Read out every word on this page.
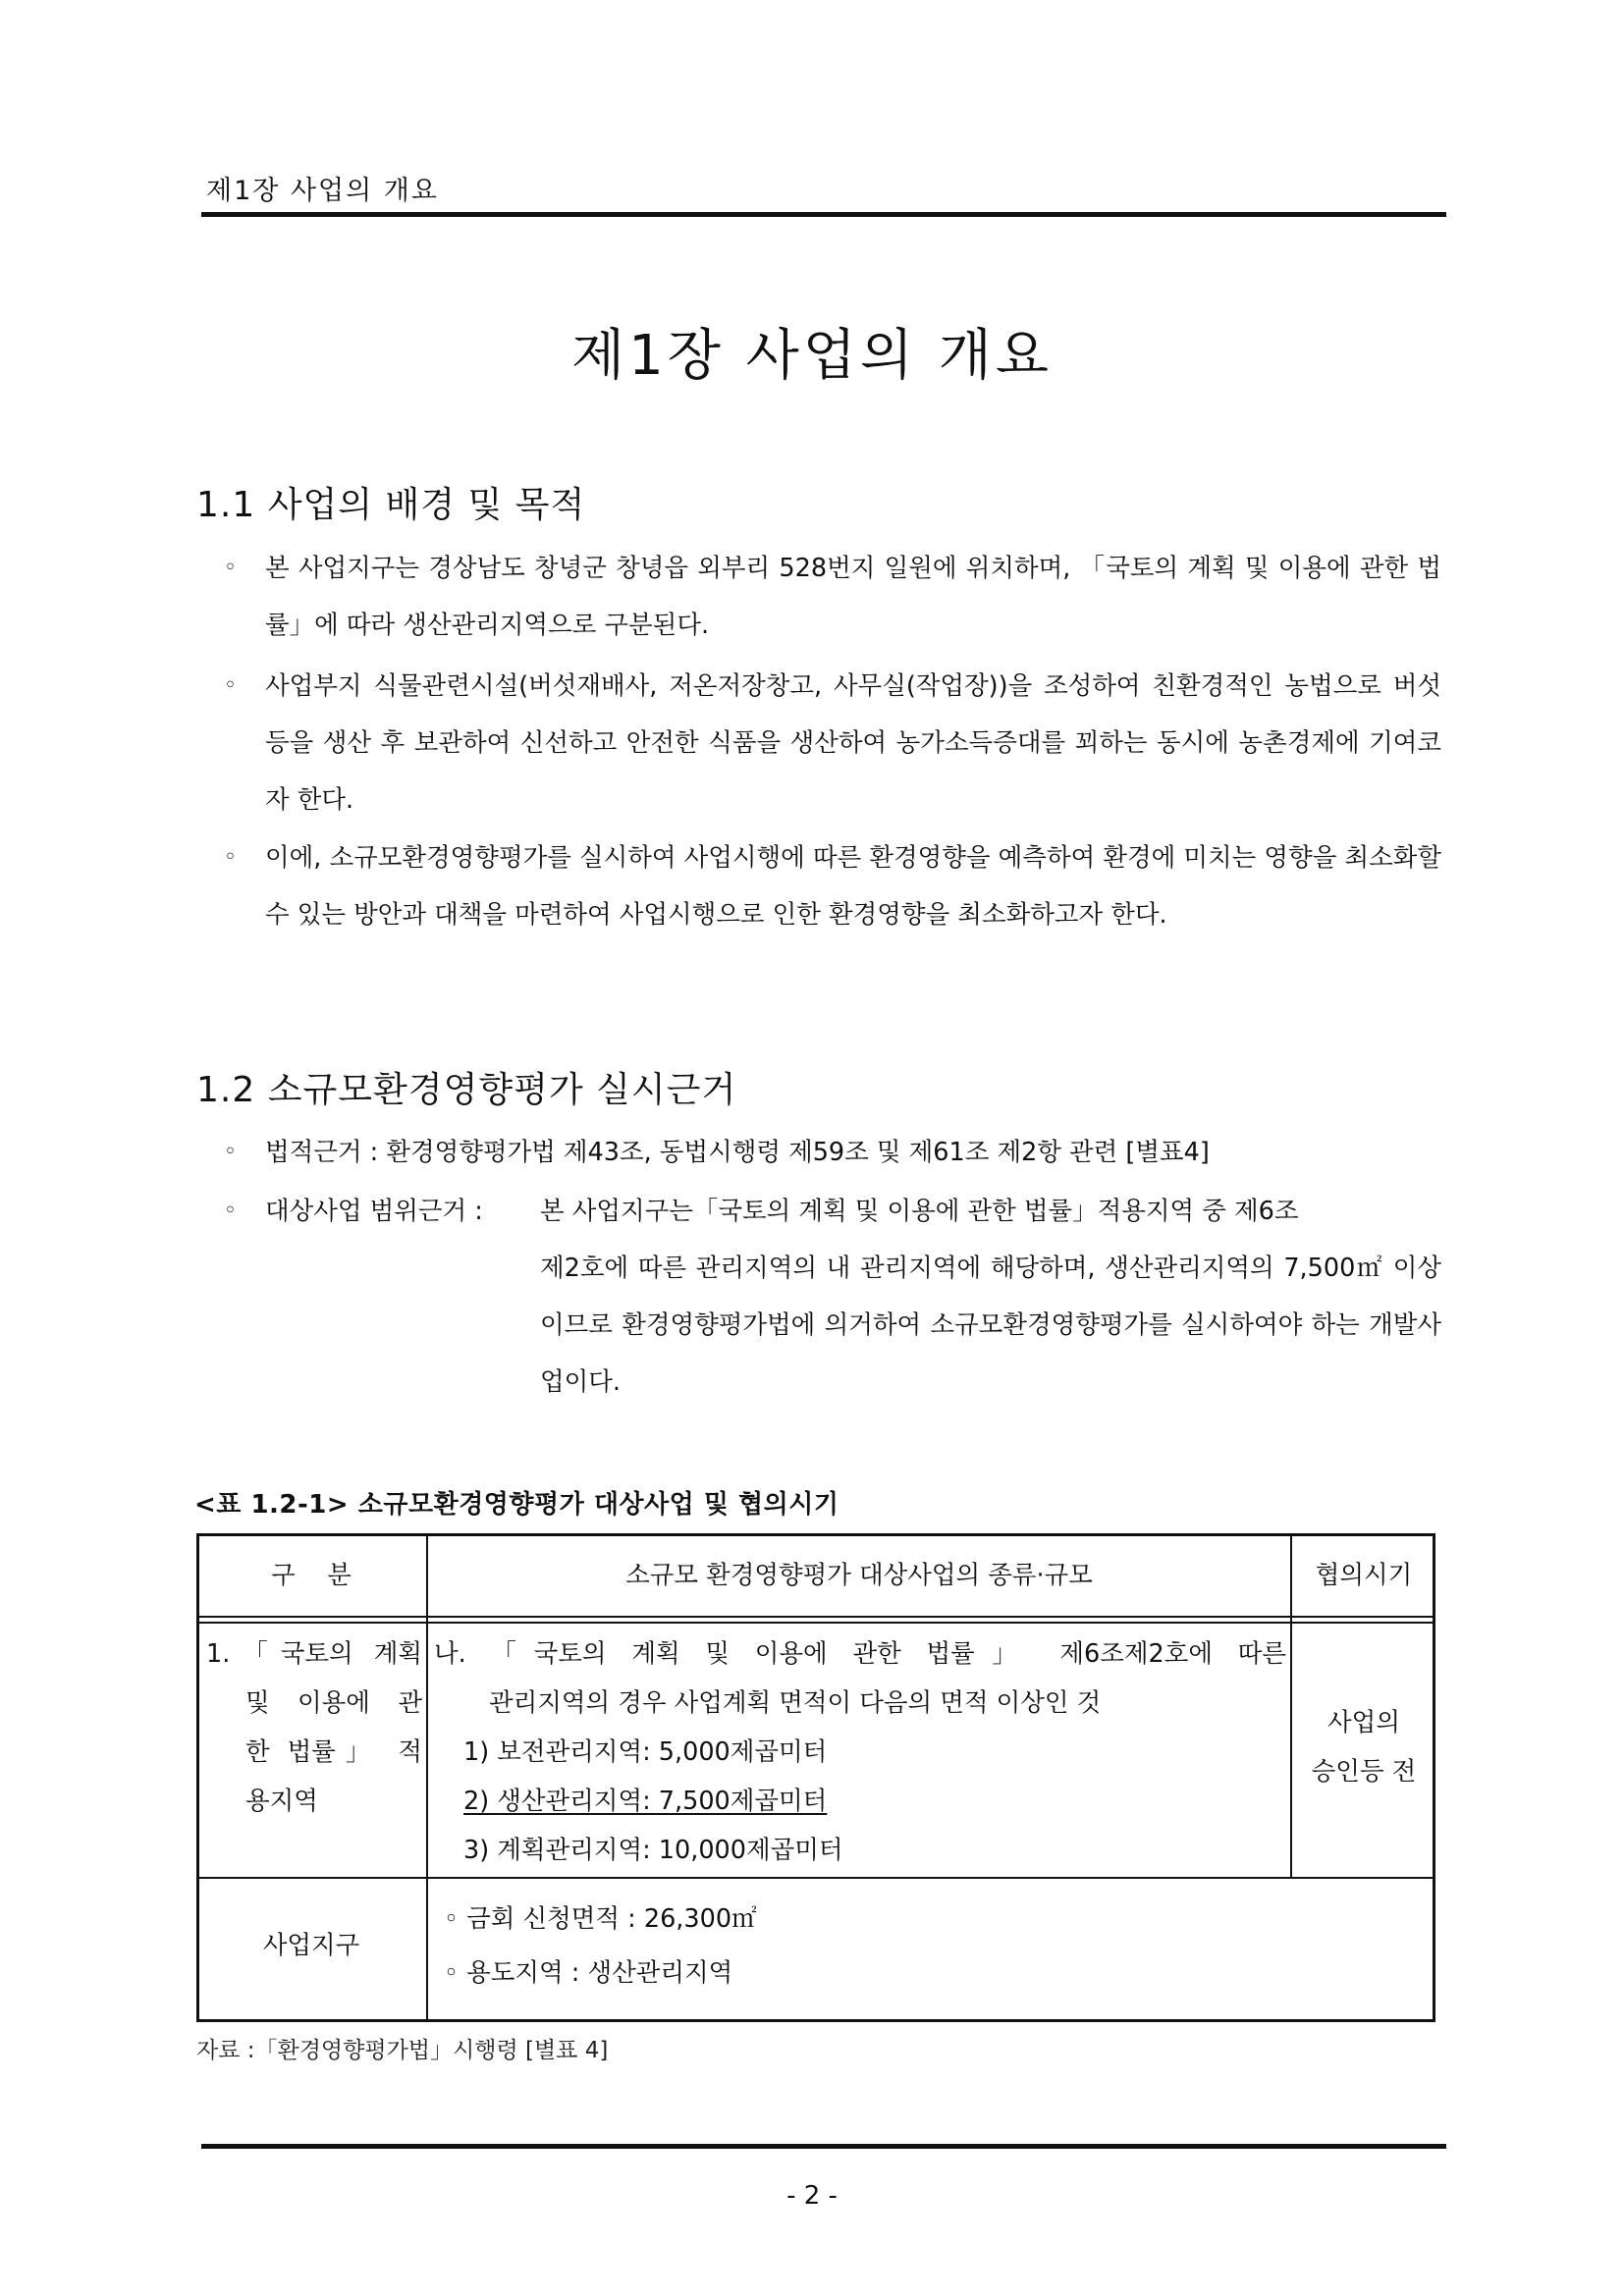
제1장 사업의 개요
제1장 사업의 개요
1.1 사업의 배경 및 목적
◦ 본 사업지구는 경상남도 창녕군 창녕읍 외부리 528번지 일원에 위치하며, 「국토의 계획 및 이용에 관한 법률」에 따라 생산관리지역으로 구분된다.
◦ 사업부지 식물관련시설(버섯재배사, 저온저장창고, 사무실(작업장))을 조성하여 친환경적인 농법으로 버섯 등을 생산 후 보관하여 신선하고 안전한 식품을 생산하여 농가소득증대를 꾀하는 동시에 농촌경제에 기여코자 한다.
◦ 이에, 소규모환경영향평가를 실시하여 사업시행에 따른 환경영향을 예측하여 환경에 미치는 영향을 최소화할 수 있는 방안과 대책을 마련하여 사업시행으로 인한 환경영향을 최소화하고자 한다.
1.2 소규모환경영향평가 실시근거
◦ 법적근거 : 환경영향평가법 제43조, 동법시행령 제59조 및 제61조 제2항 관련 [별표4]
◦ 대상사업 범위근거 : 본 사업지구는「국토의 계획 및 이용에 관한 법률」적용지역 중 제6조
제2호에 따른 관리지역의 내 관리지역에 해당하며, 생산관리지역의 7,500㎡ 이상이므로 환경영향평가법에 의거하여 소규모환경영향평가를 실시하여야 하는 개발사업이다.
<표 1.2-1> 소규모환경영향평가 대상사업 및 협의시기
구    분	소규모 환경영향평가 대상사업의 종류·규모	협의시기
1.「국토의 계획
및 이용에 관
한 법률」 적
용지역
나. 「국토의 계획 및 이용에 관한 법률」 제6조제2호에 따른
관리지역의 경우 사업계획 면적이 다음의 면적 이상인 것
1) 보전관리지역: 5,000제곱미터
2) 생산관리지역: 7,500제곱미터
3) 계획관리지역: 10,000제곱미터
사업의
승인등 전
사업지구
◦ 금회 신청면적 : 26,300㎡
◦ 용도지역 : 생산관리지역
자료 :「환경영향평가법」시행령 [별표 4]
- 2 -
